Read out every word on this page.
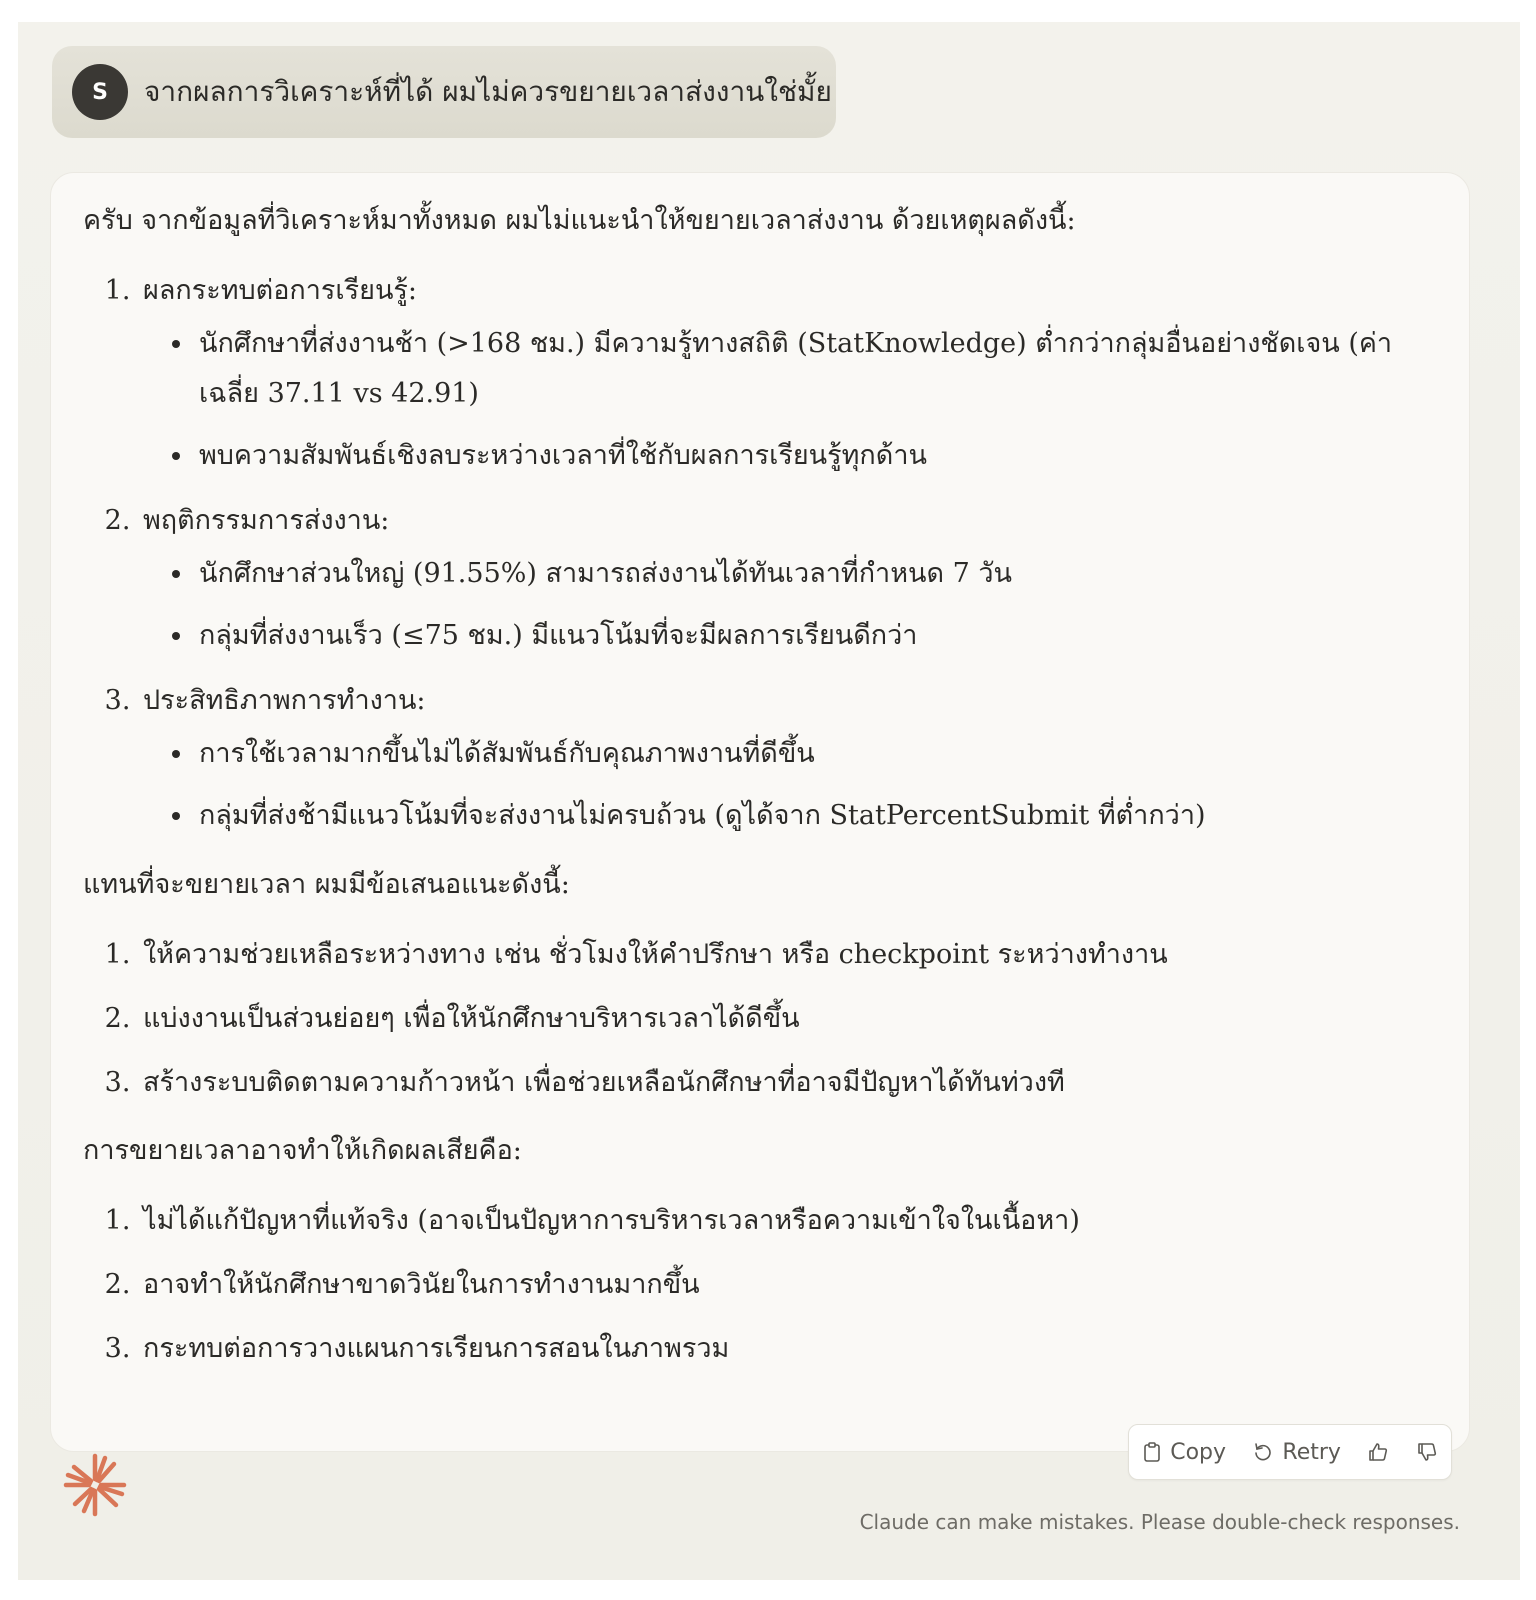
S	จากผลการวิเคราะห์ที่ได้ ผมไม่ควรขยายเวลาส่งงานใช่มั้ย

ครับ จากข้อมูลที่วิเคราะห์มาทั้งหมด ผมไม่แนะนำให้ขยายเวลาส่งงาน ด้วยเหตุผลดังนี้:

1. ผลกระทบต่อการเรียนรู้:
• นักศึกษาที่ส่งงานช้า (>168 ชม.) มีความรู้ทางสถิติ (StatKnowledge) ต่ำกว่ากลุ่มอื่นอย่างชัดเจน (ค่าเฉลี่ย 37.11 vs 42.91)
• พบความสัมพันธ์เชิงลบระหว่างเวลาที่ใช้กับผลการเรียนรู้ทุกด้าน
2. พฤติกรรมการส่งงาน:
• นักศึกษาส่วนใหญ่ (91.55%) สามารถส่งงานได้ทันเวลาที่กำหนด 7 วัน
• กลุ่มที่ส่งงานเร็ว (≤75 ชม.) มีแนวโน้มที่จะมีผลการเรียนดีกว่า
3. ประสิทธิภาพการทำงาน:
• การใช้เวลามากขึ้นไม่ได้สัมพันธ์กับคุณภาพงานที่ดีขึ้น
• กลุ่มที่ส่งช้ามีแนวโน้มที่จะส่งงานไม่ครบถ้วน (ดูได้จาก StatPercentSubmit ที่ต่ำกว่า)

แทนที่จะขยายเวลา ผมมีข้อเสนอแนะดังนี้:

1. ให้ความช่วยเหลือระหว่างทาง เช่น ชั่วโมงให้คำปรึกษา หรือ checkpoint ระหว่างทำงาน
2. แบ่งงานเป็นส่วนย่อยๆ เพื่อให้นักศึกษาบริหารเวลาได้ดีขึ้น
3. สร้างระบบติดตามความก้าวหน้า เพื่อช่วยเหลือนักศึกษาที่อาจมีปัญหาได้ทันท่วงที

การขยายเวลาอาจทำให้เกิดผลเสียคือ:

1. ไม่ได้แก้ปัญหาที่แท้จริง (อาจเป็นปัญหาการบริหารเวลาหรือความเข้าใจในเนื้อหา)
2. อาจทำให้นักศึกษาขาดวินัยในการทำงานมากขึ้น
3. กระทบต่อการวางแผนการเรียนการสอนในภาพรวม
Copy	Retry
Claude can make mistakes. Please double-check responses.
